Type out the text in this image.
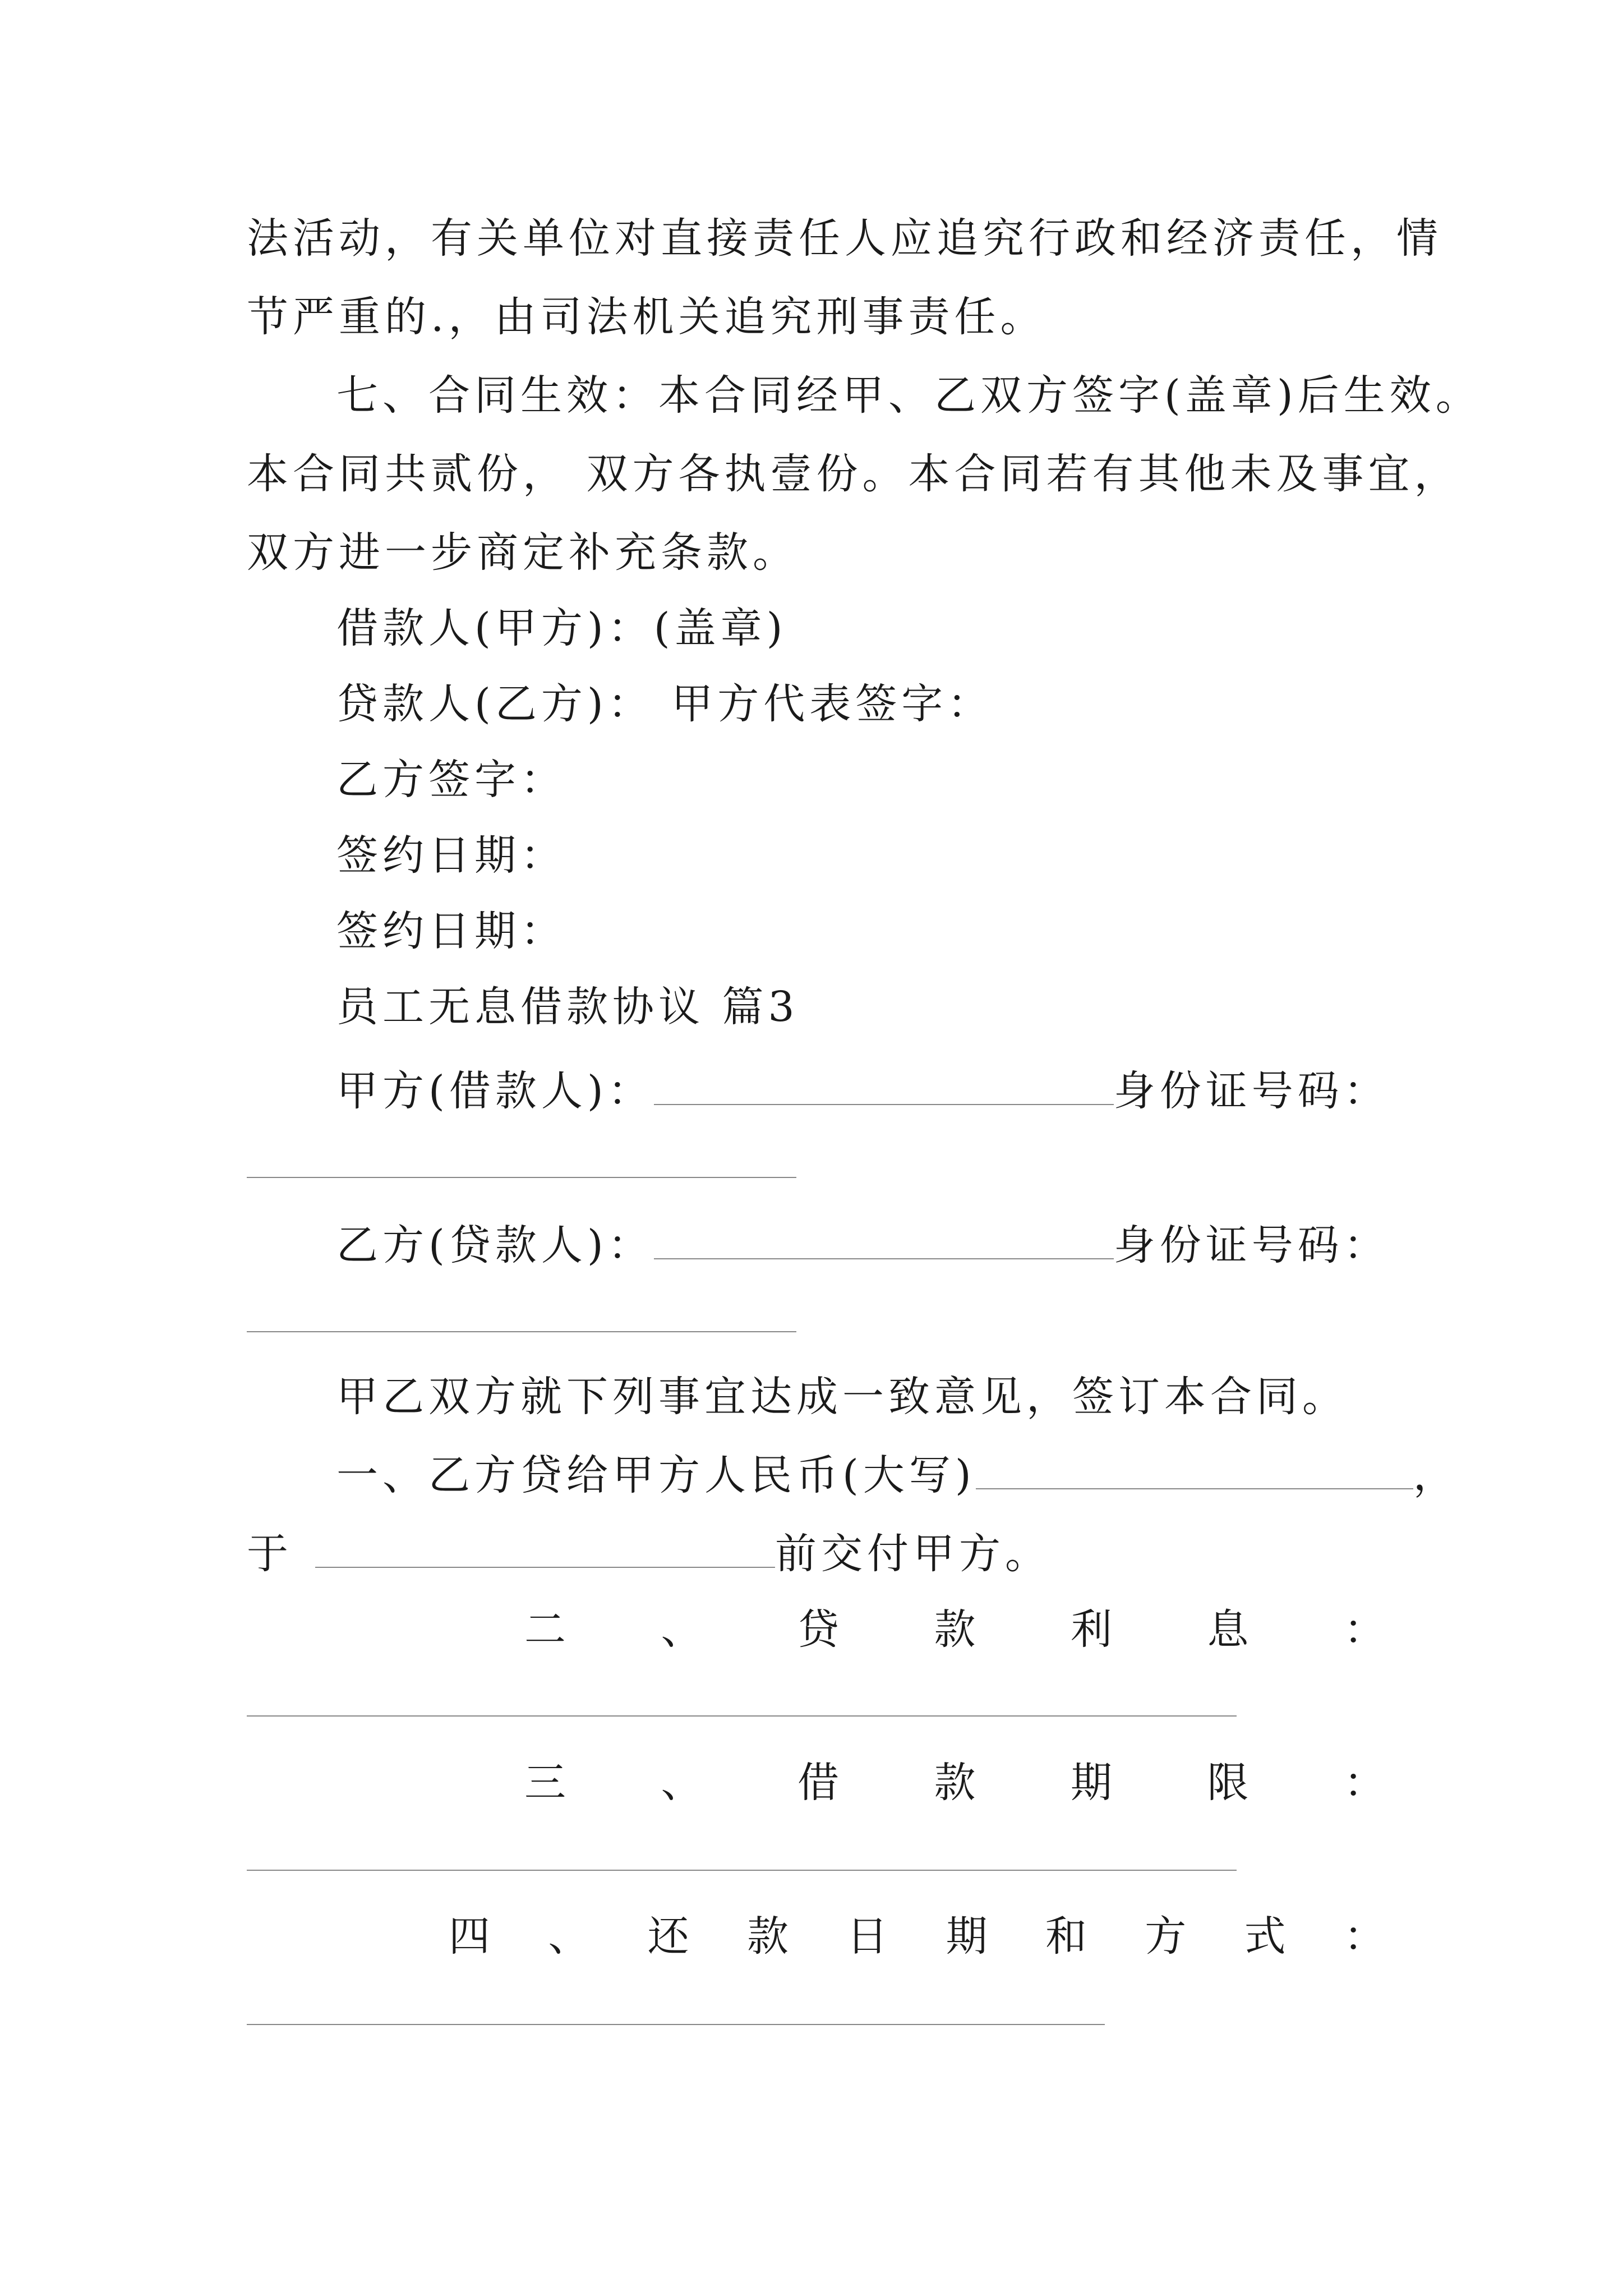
法活动，有关单位对直接责任人应追究行政和经济责任，情
节严重的.，由司法机关追究刑事责任。
七、合同生效：本合同经甲、乙双方签字(盖章)后生效。
本合同共贰份， 双方各执壹份。本合同若有其他未及事宜，
双方进一步商定补充条款。
借款人(甲方)：(盖章)
贷款人(乙方)： 甲方代表签字：
乙方签字：
签约日期：
签约日期：
员工无息借款协议 篇3
甲方(借款人)：	身份证号码：
乙方(贷款人)：	身份证号码：
甲乙双方就下列事宜达成一致意见，签订本合同。
一、乙方贷给甲方人民币(大写)	，
于	前交付甲方。
二 、 贷 款 利 息 ：
三 、 借 款 期 限 ：
四 、 还 款 日 期 和 方 式 ：
